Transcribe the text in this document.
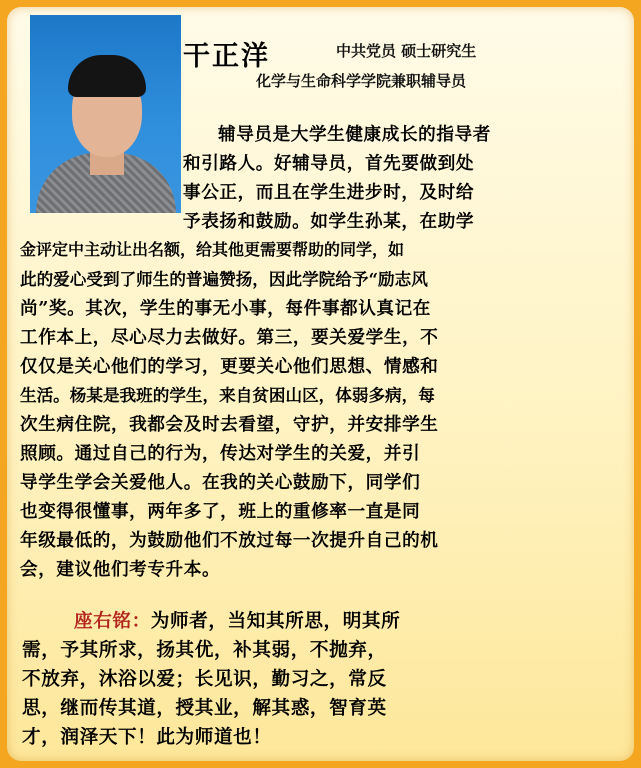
干正洋	中共党员 硕士研究生
化学与生命科学学院兼职辅导员
辅导员是大学生健康成长的指导者
和引路人。好辅导员，首先要做到处
事公正，而且在学生进步时，及时给
予表扬和鼓励。如学生孙某，在助学
金评定中主动让出名额，给其他更需要帮助的同学，如
此的爱心受到了师生的普遍赞扬，因此学院给予“励志风
尚”奖。其次，学生的事无小事，每件事都认真记在
工作本上，尽心尽力去做好。第三，要关爱学生，不
仅仅是关心他们的学习，更要关心他们思想、情感和
生活。杨某是我班的学生，来自贫困山区，体弱多病，每
次生病住院，我都会及时去看望，守护，并安排学生
照顾。通过自己的行为，传达对学生的关爱，并引
导学生学会关爱他人。在我的关心鼓励下，同学们
也变得很懂事，两年多了，班上的重修率一直是同
年级最低的，为鼓励他们不放过每一次提升自己的机
会，建议他们考专升本。
座右铭：为师者，当知其所思，明其所
需，予其所求，扬其优，补其弱，不抛弃，
不放弃，沐浴以爱；长见识，勤习之，常反
思，继而传其道，授其业，解其惑，智育英
才，润泽天下！此为师道也！
